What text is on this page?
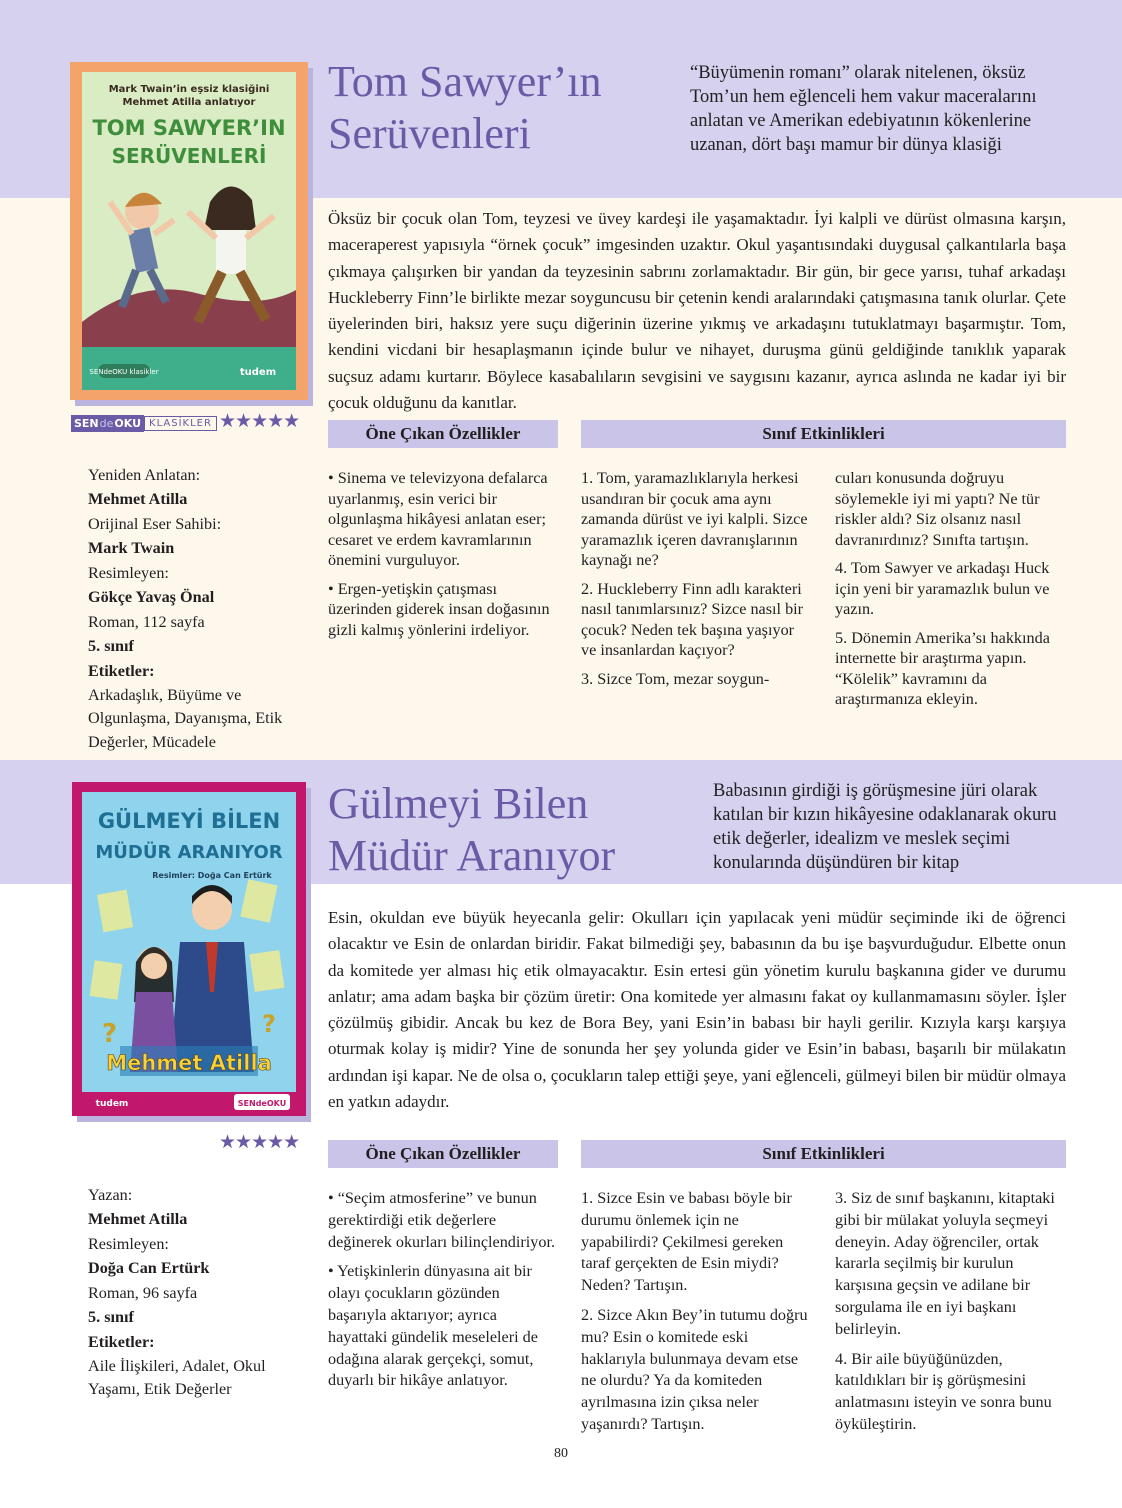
Mark Twain’in eşsiz klasiğini
Mehmet Atilla anlatıyor
TOM SAWYER’IN
SERÜVENLERİ
SENdeOKU klasikler	tudem
SEN de OKU KLASİKLER ★★★★★
Tom Sawyer’ın
Serüvenleri
“Büyümenin romanı” olarak nitelenen, öksüz Tom’un hem eğlenceli hem vakur maceralarını anlatan ve Amerikan edebiyatının kökenlerine uzanan, dört başı mamur bir dünya klasiği
Öksüz bir çocuk olan Tom, teyzesi ve üvey kardeşi ile yaşamaktadır. İyi kalpli ve dürüst olmasına karşın, maceraperest yapısıyla “örnek çocuk” imgesinden uzaktır. Okul yaşantısındaki duygusal çalkantılarla başa çıkmaya çalışırken bir yandan da teyzesinin sabrını zorlamaktadır. Bir gün, bir gece yarısı, tuhaf arkadaşı Huckleberry Finn’le birlikte mezar soyguncusu bir çetenin kendi aralarındaki çatışmasına tanık olurlar. Çete üyelerinden biri, haksız yere suçu diğerinin üzerine yıkmış ve arkadaşını tutuklatmayı başarmıştır. Tom, kendini vicdani bir hesaplaşmanın içinde bulur ve nihayet, duruşma günü geldiğinde tanıklık yaparak suçsuz adamı kurtarır. Böylece kasabalıların sevgisini ve saygısını kazanır, ayrıca aslında ne kadar iyi bir çocuk olduğunu da kanıtlar.
Öne Çıkan Özellikler	Sınıf Etkinlikleri
Yeniden Anlatan:
Mehmet Atilla
Orijinal Eser Sahibi:
Mark Twain
Resimleyen:
Gökçe Yavaş Önal
Roman, 112 sayfa
5. sınıf
Etiketler:
Arkadaşlık, Büyüme ve Olgunlaşma, Dayanışma, Etik Değerler, Mücadele

• Sinema ve televizyona defalarca uyarlanmış, esin verici bir olgunlaşma hikâyesi anlatan eser; cesaret ve erdem kavramlarının önemini vurguluyor.

• Ergen-yetişkin çatışması üzerinden giderek insan doğasının gizli kalmış yönlerini irdeliyor.

1. Tom, yaramazlıklarıyla herkesi usandıran bir çocuk ama aynı zamanda dürüst ve iyi kalpli. Sizce yaramazlık içeren davranışlarının kaynağı ne?

2. Huckleberry Finn adlı karakteri nasıl tanımlarsınız? Sizce nasıl bir çocuk? Neden tek başına yaşıyor ve insanlardan kaçıyor?

3. Sizce Tom, mezar soygun-

cuları konusunda doğruyu söylemekle iyi mi yaptı? Ne tür riskler aldı? Siz olsanız nasıl davranırdınız? Sınıfta tartışın.

4. Tom Sawyer ve arkadaşı Huck için yeni bir yaramazlık bulun ve yazın.

5. Dönemin Amerika’sı hakkında internette bir araştırma yapın. “Kölelik” kavramını da araştırmanıza ekleyin.

GÜLMEYİ BİLEN
MÜDÜR ARANIYOR
Resimler: Doğa Can Ertürk
?	?
Mehmet Atilla
tudem	SENdeOKU
★★★★★
Gülmeyi Bilen
Müdür Aranıyor
Babasının girdiği iş görüşmesine jüri olarak katılan bir kızın hikâyesine odaklanarak okuru etik değerler, idealizm ve meslek seçimi konularında düşündüren bir kitap
Esin, okuldan eve büyük heyecanla gelir: Okulları için yapılacak yeni müdür seçiminde iki de öğrenci olacaktır ve Esin de onlardan biridir. Fakat bilmediği şey, babasının da bu işe başvurduğudur. Elbette onun da komitede yer alması hiç etik olmayacaktır. Esin ertesi gün yönetim kurulu başkanına gider ve durumu anlatır; ama adam başka bir çözüm üretir: Ona komitede yer almasını fakat oy kullanmamasını söyler. İşler çözülmüş gibidir. Ancak bu kez de Bora Bey, yani Esin’in babası bir hayli gerilir. Kızıyla karşı karşıya oturmak kolay iş midir? Yine de sonunda her şey yolunda gider ve Esin’in babası, başarılı bir mülakatın ardından işi kapar. Ne de olsa o, çocukların talep ettiği şeye, yani eğlenceli, gülmeyi bilen bir müdür olmaya en yatkın adaydır.
Öne Çıkan Özellikler	Sınıf Etkinlikleri
Yazan:
Mehmet Atilla
Resimleyen:
Doğa Can Ertürk
Roman, 96 sayfa
5. sınıf
Etiketler:
Aile İlişkileri, Adalet, Okul Yaşamı, Etik Değerler

• “Seçim atmosferine” ve bunun gerektirdiği etik değerlere değinerek okurları bilinçlendiriyor.

• Yetişkinlerin dünyasına ait bir olayı çocukların gözünden başarıyla aktarıyor; ayrıca hayattaki gündelik meseleleri de odağına alarak gerçekçi, somut, duyarlı bir hikâye anlatıyor.

1. Sizce Esin ve babası böyle bir durumu önlemek için ne yapabilirdi? Çekilmesi gereken taraf gerçekten de Esin miydi? Neden? Tartışın.

2. Sizce Akın Bey’in tutumu doğru mu? Esin o komitede eski haklarıyla bulunmaya devam etse ne olurdu? Ya da komiteden ayrılmasına izin çıksa neler yaşanırdı? Tartışın.

3. Siz de sınıf başkanını, kitaptaki gibi bir mülakat yoluyla seçmeyi deneyin. Aday öğrenciler, ortak kararla seçilmiş bir kurulun karşısına geçsin ve adilane bir sorgulama ile en iyi başkanı belirleyin.

4. Bir aile büyüğünüzden, katıldıkları bir iş görüşmesini anlatmasını isteyin ve sonra bunu öyküleştirin.

80
